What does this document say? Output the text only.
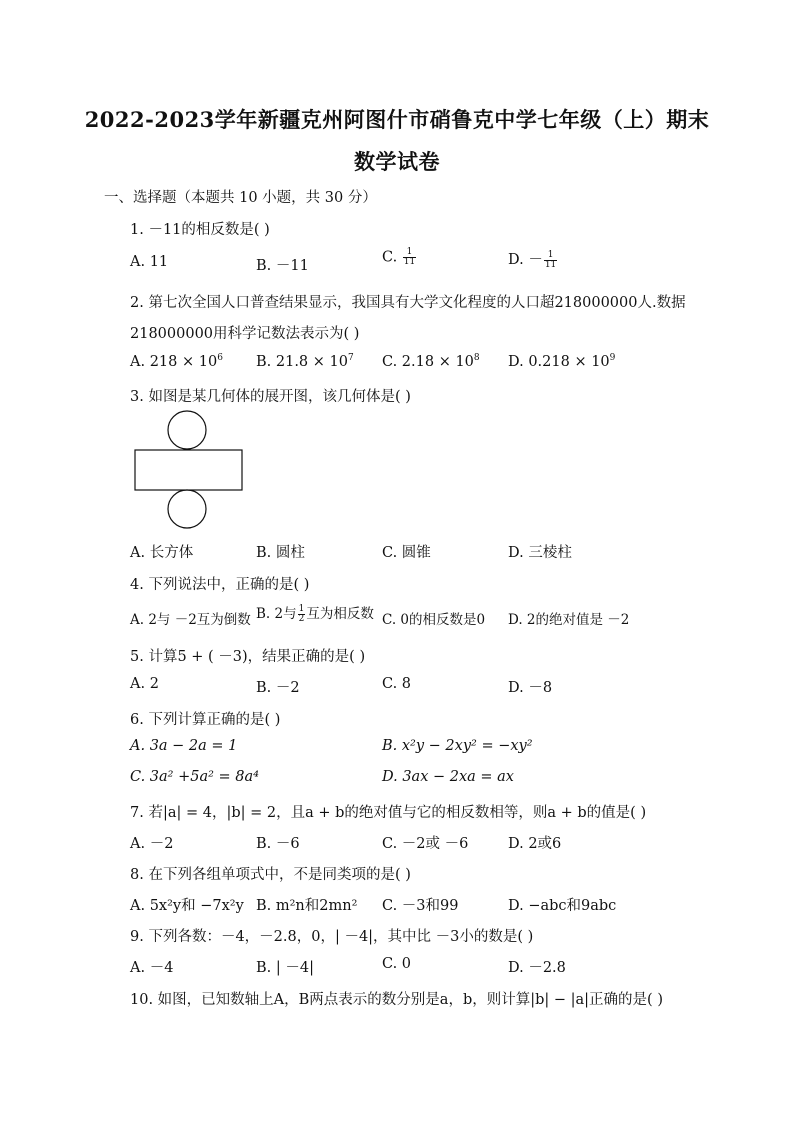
2022-2023学年新疆克州阿图什市硝鲁克中学七年级（上）期末
数学试卷
一、选择题（本题共 10 小题，共 30 分）
1. －11的相反数是( )
A. 11	B. －11
C. $\frac{1}{11}$	D. － $\frac{1}{11}$
2. 第七次全国人口普查结果显示，我国具有大学文化程度的人口超218000000人.数据
218000000用科学记数法表示为( )
A. $218 \times 10^6$ B. $21.8 \times 10^7$ C. $2.18 \times 10^8$ D. $0.218 \times 10^9$
3. 如图是某几何体的展开图，该几何体是( )
A. 长方体	B. 圆柱	C. 圆锥	D. 三棱柱
4. 下列说法中，正确的是( )
A. 2与 －2互为倒数 B. 2与 $\frac{1}{2}$ 互为相反数 C. 0的相反数是0 D. 2的绝对值是 －2
5. 计算5 + ( －3)，结果正确的是( )
A. 2	B. －2	C. 8	D. －8
6. 下列计算正确的是( )
A. 3a − 2a = 1	B. x²y − 2xy² = −xy²
C. 3a² +5a² = 8a⁴	D. 3ax − 2xa = ax
7. 若|a| = 4，|b| = 2，且a + b的绝对值与它的相反数相等，则a + b的值是( )
A. －2	B. －6	C. －2或 －6	D. 2或6
8. 在下列各组单项式中，不是同类项的是( )
A. 5x²y和 −7x²y B. m²n和2mn² C. －3和99	D. −abc和9abc
9. 下列各数：－4，－2.8，0，| －4|，其中比 －3小的数是( )
A. －4	B. | －4|	C. 0	D. －2.8
10. 如图，已知数轴上A，B两点表示的数分别是a，b，则计算|b| − |a|正确的是( )
